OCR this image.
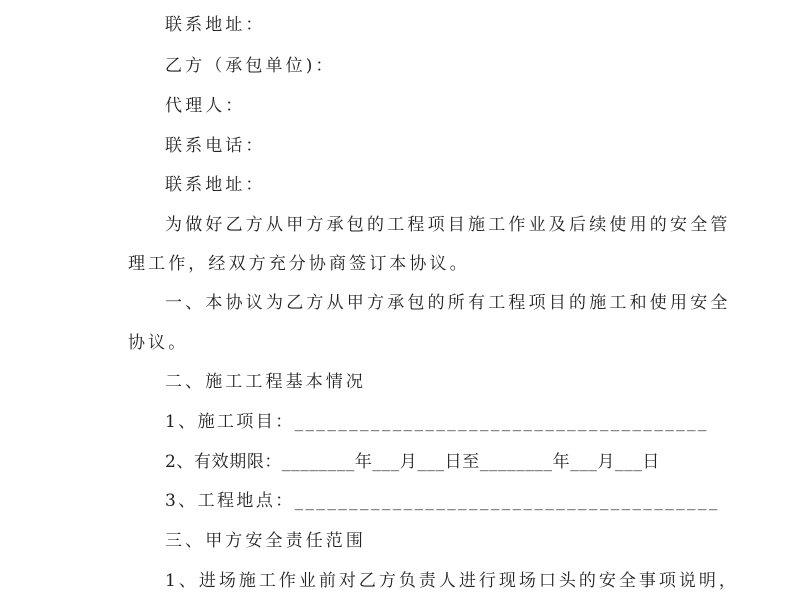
联系地址：
乙方（承包单位)：
代理人：
联系电话：
联系地址：
为做好乙方从甲方承包的工程项目施工作业及后续使用的安全管
理工作，经双方充分协商签订本协议。
一、本协议为乙方从甲方承包的所有工程项目的施工和使用安全
协议。
二、施工工程基本情况
1、施工项目：______________________________________
2、有效期限：________年___月___日至________年___月___日
3、工程地点：_______________________________________
三、甲方安全责任范围
1、进场施工作业前对乙方负责人进行现场口头的安全事项说明，
